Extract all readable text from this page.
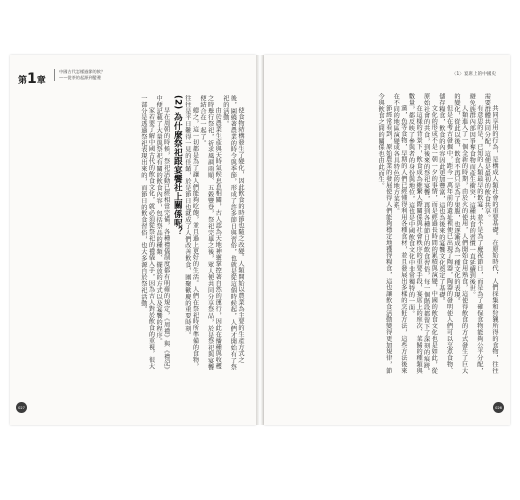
第1章
中國古代怎樣過節的飲？
——從茶的起源到變遷

使食物結構發生了變化，因此飲食的時節也隨之改變。人類開始以農業為主要的生產方式之後，圍繞著農業的時令與季節，形成了許多節日與習俗，也就是從這個時候起，人們才開始有了祭祀的活動。

由於農業生產與天時氣候息息相關，古人認為天地神靈掌控著自然的運行，因此在播種與收穫之時舉行祭祀，祈求風調雨順、五穀豐登，祭祀完畢之後，眾人便共同分享祭品，於是祭祀與宴饗便結合在一起了。

總之，這一切都是為了讓人們能夠吃飽，並且過上更好的生活。人們在祭祀時所準備的食物，往往是平日難得一見的佳餚，於是節日也就成了人們改善飲食、團聚歡慶的重要時刻。

(2) 為什麼祭祀跟宴饗社上關係呢？

早在周朝的時候，祭祀活動已經相當完備，各種禮儀制度都有明確的規定，《周禮》與《禮記》中便記載了大量與祭祀有關的飲食內容，包括祭品的種類、擺放的方式以及宴饗的程序。

家若要了解中國古代的飲食文化，就必須從祭祀的禮儀入手，因為古人對於飲食的重視，很大一部分是透過祭祀表現出來的，而節日的飲食習俗，也大多源自於祭祀活動。

027
〈1〉宴席上的中國史

共同享用的行為，是構成人類社會的重要基礎。在原始時代，人們採集和狩獵所得的食物，往往需要群體共同分配，這便是最初的飲食共享。

有意思的是，已知的人類最早的飲宴，並不是為了慶祝節日，而是為了確保食物能夠公平分配，避免族群內部因爭奪食物而產生衝突，這種共食的習慣一直延續到後世。

人類進入了一個全新的時期，由於火的使用，人們開始食用熟食，這使得飲食的方式發生了巨大的變化，從此以後，飲食不再只是為了果腹，也逐漸成為一種文化的表現。

但是在考古發掘中，距今一萬年前的遺址裡便已出現了陶器，陶器的發明使人們可以烹煮食物、儲存糧食，飲食的內容因此更加豐富，這也為後來的宴饗文化奠定了基礎。

文化的形成不是一朝一夕的事情，而是經過長時間的累積與演變，中國的飲食文化也是如此，從原始社會的共食，到後來的祭祀宴饗，再到各種節日的飲食習俗，每一個階段都留下了深刻的痕跡。

在這樣的背景下，飲食成為維繫人際關係與社會秩序的重要手段，宴席上的座次、菜餚的種類與數量，都反映了參與者的身份與地位，這也是中國飲食文化中非常獨特的一面。

黨，魚等食物，早期的人們已經懂得利用各種食材，並且發展出多樣的烹飪方法，這些方法後來在不同的地區演變成各具特色的地方菜系。

節經常看到，原始農業的發展使得人們能夠穩定地獲得糧食，這也讓飲食活動變得更加規律，節令與飲食之間的關係也由此而生。

026
